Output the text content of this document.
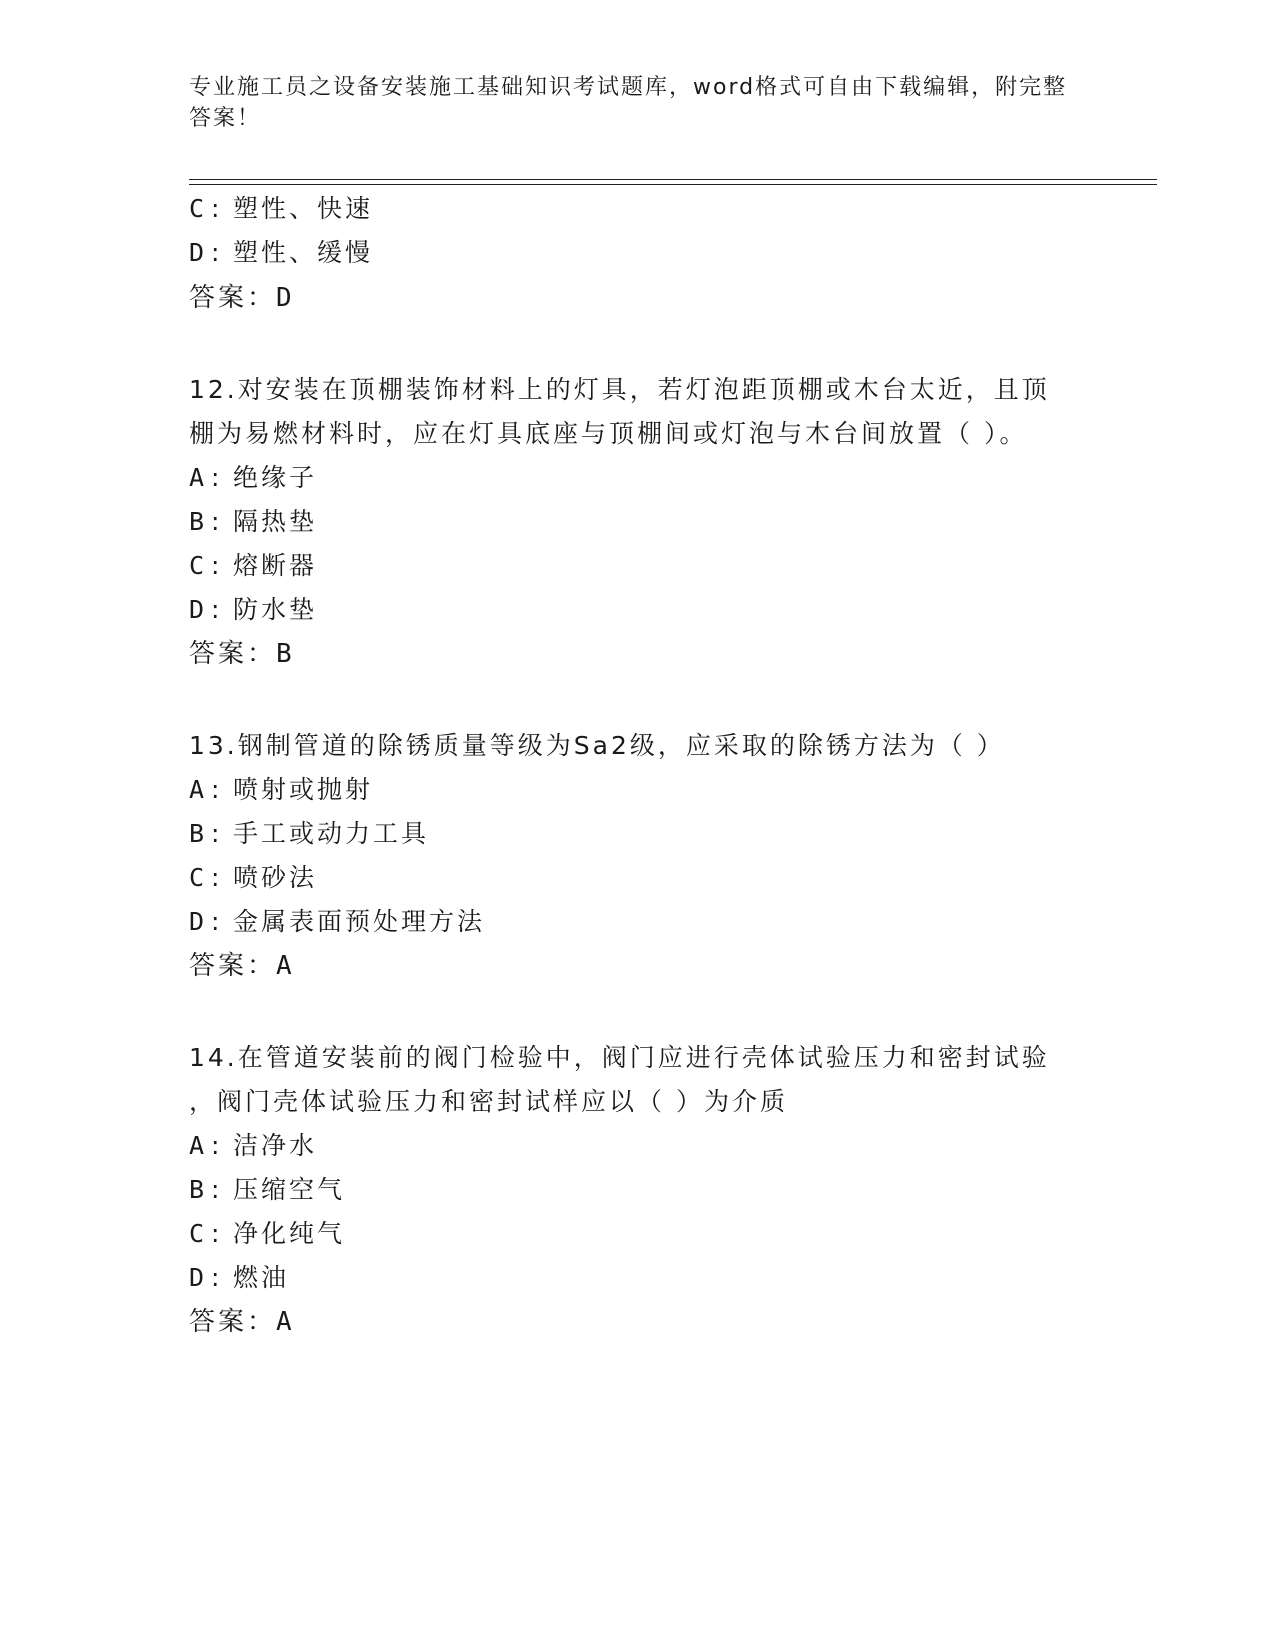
专业施工员之设备安装施工基础知识考试题库，word格式可自由下载编辑，附完整答案！
C : 塑性、快速
D : 塑性、缓慢
答案：D
12.对安装在顶棚装饰材料上的灯具，若灯泡距顶棚或木台太近，且顶
棚为易燃材料时，应在灯具底座与顶棚间或灯泡与木台间放置（ ）。
A : 绝缘子
B : 隔热垫
C : 熔断器
D : 防水垫
答案：B
13.钢制管道的除锈质量等级为Sa2级，应采取的除锈方法为（ ）
A : 喷射或抛射
B : 手工或动力工具
C : 喷砂法
D : 金属表面预处理方法
答案：A
14.在管道安装前的阀门检验中，阀门应进行壳体试验压力和密封试验
，阀门壳体试验压力和密封试样应以（ ）为介质
A : 洁净水
B : 压缩空气
C : 净化纯气
D : 燃油
答案：A
